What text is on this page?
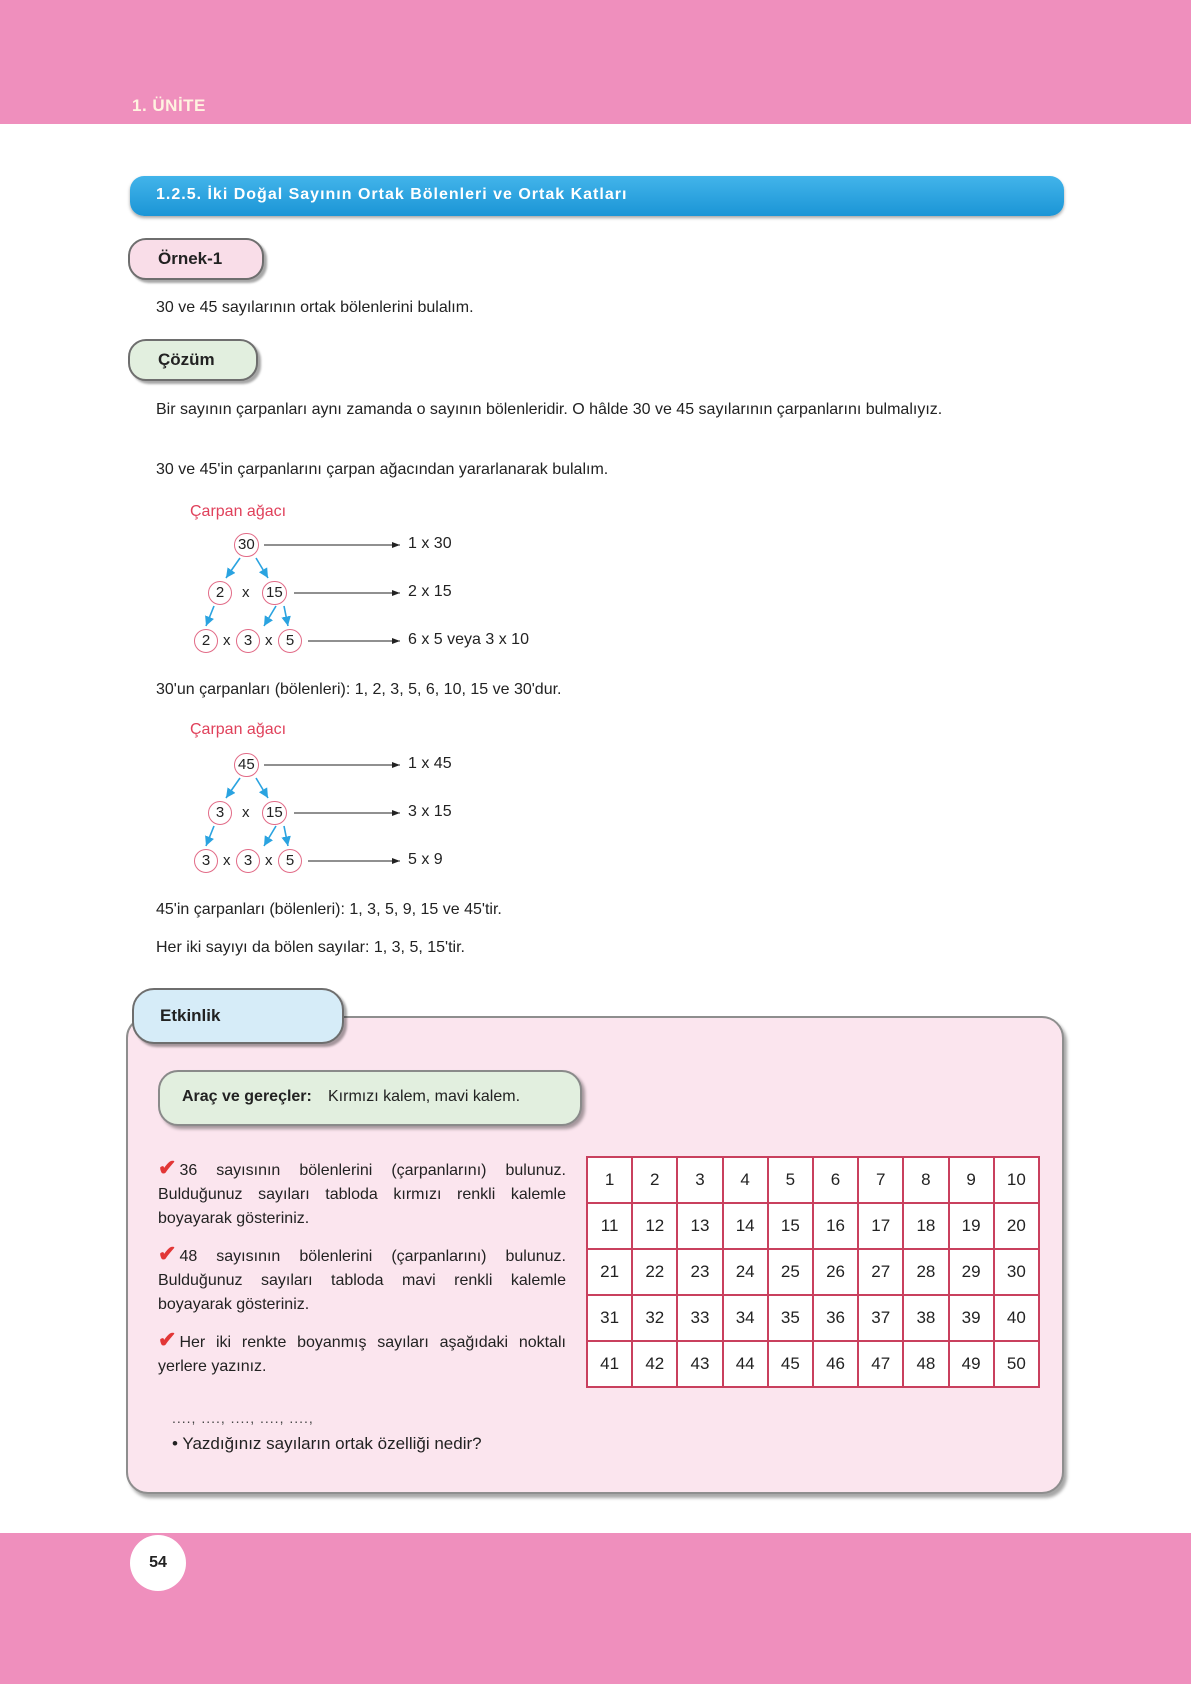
1. ÜNİTE
1.2.5. İki Doğal Sayının Ortak Bölenleri ve Ortak Katları
Örnek-1
30 ve 45 sayılarının ortak bölenlerini bulalım.
Çözüm
Bir sayının çarpanları aynı zamanda o sayının bölenleridir. O hâlde 30 ve 45 sayılarının çarpanlarını bulmalıyız.
30 ve 45'in çarpanlarını çarpan ağacından yararlanarak bulalım.
Çarpan ağacı
30
2	x 15
2 x 3 x 5
1 x 30
2 x 15
6 x 5 veya 3 x 10
30'un çarpanları (bölenleri): 1, 2, 3, 5, 6, 10, 15 ve 30'dur.
Çarpan ağacı
45
3	x 15
3 x 3 x 5
1 x 45
3 x 15
5 x 9
45'in çarpanları (bölenleri): 1, 3, 5, 9, 15 ve 45'tir.
Her iki sayıyı da bölen sayılar: 1, 3, 5, 15'tir.
Etkinlik
Araç ve gereçler: Kırmızı kalem, mavi kalem.
✔ 36 sayısının bölenlerini (çarpanlarını) bulunuz. Bulduğunuz sayıları tabloda kırmızı renkli kalemle boyayarak gösteriniz.
✔ 48 sayısının bölenlerini (çarpanlarını) bulunuz. Bulduğunuz sayıları tabloda mavi renkli kalemle boyayarak gösteriniz.
✔ Her iki renkte boyanmış sayıları aşağıdaki noktalı yerlere yazınız.
...., ...., ...., ...., ....,
• Yazdığınız sayıların ortak özelliği nedir?
1	2	3	4	5	6	7	8	9	10
11	12	13	14	15	16	17	18	19	20
21	22	23	24	25	26	27	28	29	30
31	32	33	34	35	36	37	38	39	40
41	42	43	44	45	46	47	48	49	50
54
